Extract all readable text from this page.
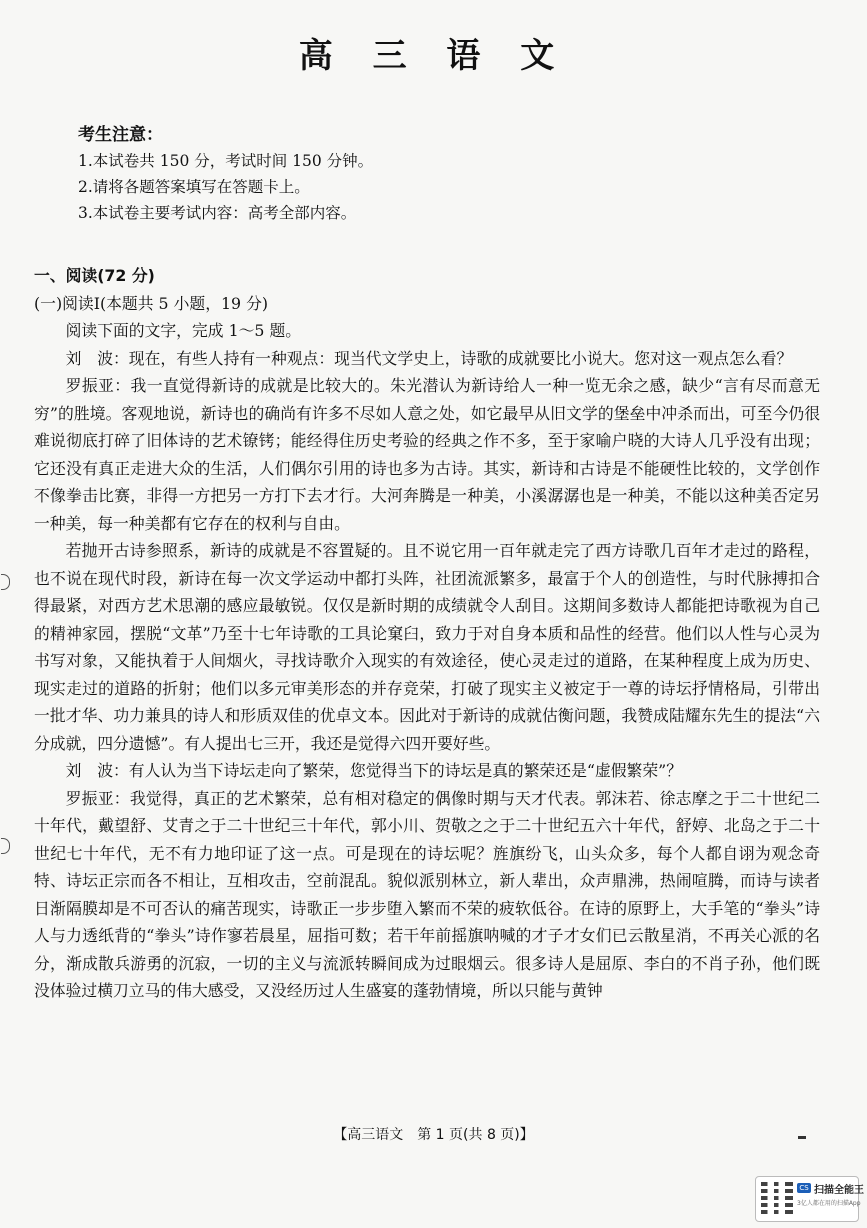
高 三 语 文
考生注意：
1.本试卷共 150 分，考试时间 150 分钟。
2.请将各题答案填写在答题卡上。
3.本试卷主要考试内容：高考全部内容。

一、阅读(72 分)

(一)阅读Ⅰ(本题共 5 小题，19 分)

阅读下面的文字，完成 1～5 题。

刘　波：现在，有些人持有一种观点：现当代文学史上，诗歌的成就要比小说大。您对这一观点怎么看？

罗振亚：我一直觉得新诗的成就是比较大的。朱光潜认为新诗给人一种一览无余之感，缺少“言有尽而意无穷”的胜境。客观地说，新诗也的确尚有许多不尽如人意之处，如它最早从旧文学的堡垒中冲杀而出，可至今仍很难说彻底打碎了旧体诗的艺术镣铐；能经得住历史考验的经典之作不多，至于家喻户晓的大诗人几乎没有出现；它还没有真正走进大众的生活，人们偶尔引用的诗也多为古诗。其实，新诗和古诗是不能硬性比较的，文学创作不像拳击比赛，非得一方把另一方打下去才行。大河奔腾是一种美，小溪潺潺也是一种美，不能以这种美否定另一种美，每一种美都有它存在的权利与自由。

若抛开古诗参照系，新诗的成就是不容置疑的。且不说它用一百年就走完了西方诗歌几百年才走过的路程，也不说在现代时段，新诗在每一次文学运动中都打头阵，社团流派繁多，最富于个人的创造性，与时代脉搏扣合得最紧，对西方艺术思潮的感应最敏锐。仅仅是新时期的成绩就令人刮目。这期间多数诗人都能把诗歌视为自己的精神家园，摆脱“文革”乃至十七年诗歌的工具论窠臼，致力于对自身本质和品性的经营。他们以人性与心灵为书写对象，又能执着于人间烟火，寻找诗歌介入现实的有效途径，使心灵走过的道路，在某种程度上成为历史、现实走过的道路的折射；他们以多元审美形态的并存竞荣，打破了现实主义被定于一尊的诗坛抒情格局，引带出一批才华、功力兼具的诗人和形质双佳的优卓文本。因此对于新诗的成就估衡问题，我赞成陆耀东先生的提法“六分成就，四分遗憾”。有人提出七三开，我还是觉得六四开要好些。

刘　波：有人认为当下诗坛走向了繁荣，您觉得当下的诗坛是真的繁荣还是“虚假繁荣”？

罗振亚：我觉得，真正的艺术繁荣，总有相对稳定的偶像时期与天才代表。郭沫若、徐志摩之于二十世纪二十年代，戴望舒、艾青之于二十世纪三十年代，郭小川、贺敬之之于二十世纪五六十年代，舒婷、北岛之于二十世纪七十年代，无不有力地印证了这一点。可是现在的诗坛呢？旌旗纷飞，山头众多，每个人都自诩为观念奇特、诗坛正宗而各不相让，互相攻击，空前混乱。貌似派别林立，新人辈出，众声鼎沸，热闹喧腾，而诗与读者日渐隔膜却是不可否认的痛苦现实，诗歌正一步步堕入繁而不荣的疲软低谷。在诗的原野上，大手笔的“拳头”诗人与力透纸背的“拳头”诗作寥若晨星，屈指可数；若干年前摇旗呐喊的才子才女们已云散星消，不再关心派的名分，渐成散兵游勇的沉寂，一切的主义与流派转瞬间成为过眼烟云。很多诗人是屈原、李白的不肖子孙，他们既没体验过横刀立马的伟大感受，又没经历过人生盛宴的蓬勃情境，所以只能与黄钟

【高三语文　第 1 页(共 8 页)】
CS 扫描全能王
3亿人都在用的扫描App
